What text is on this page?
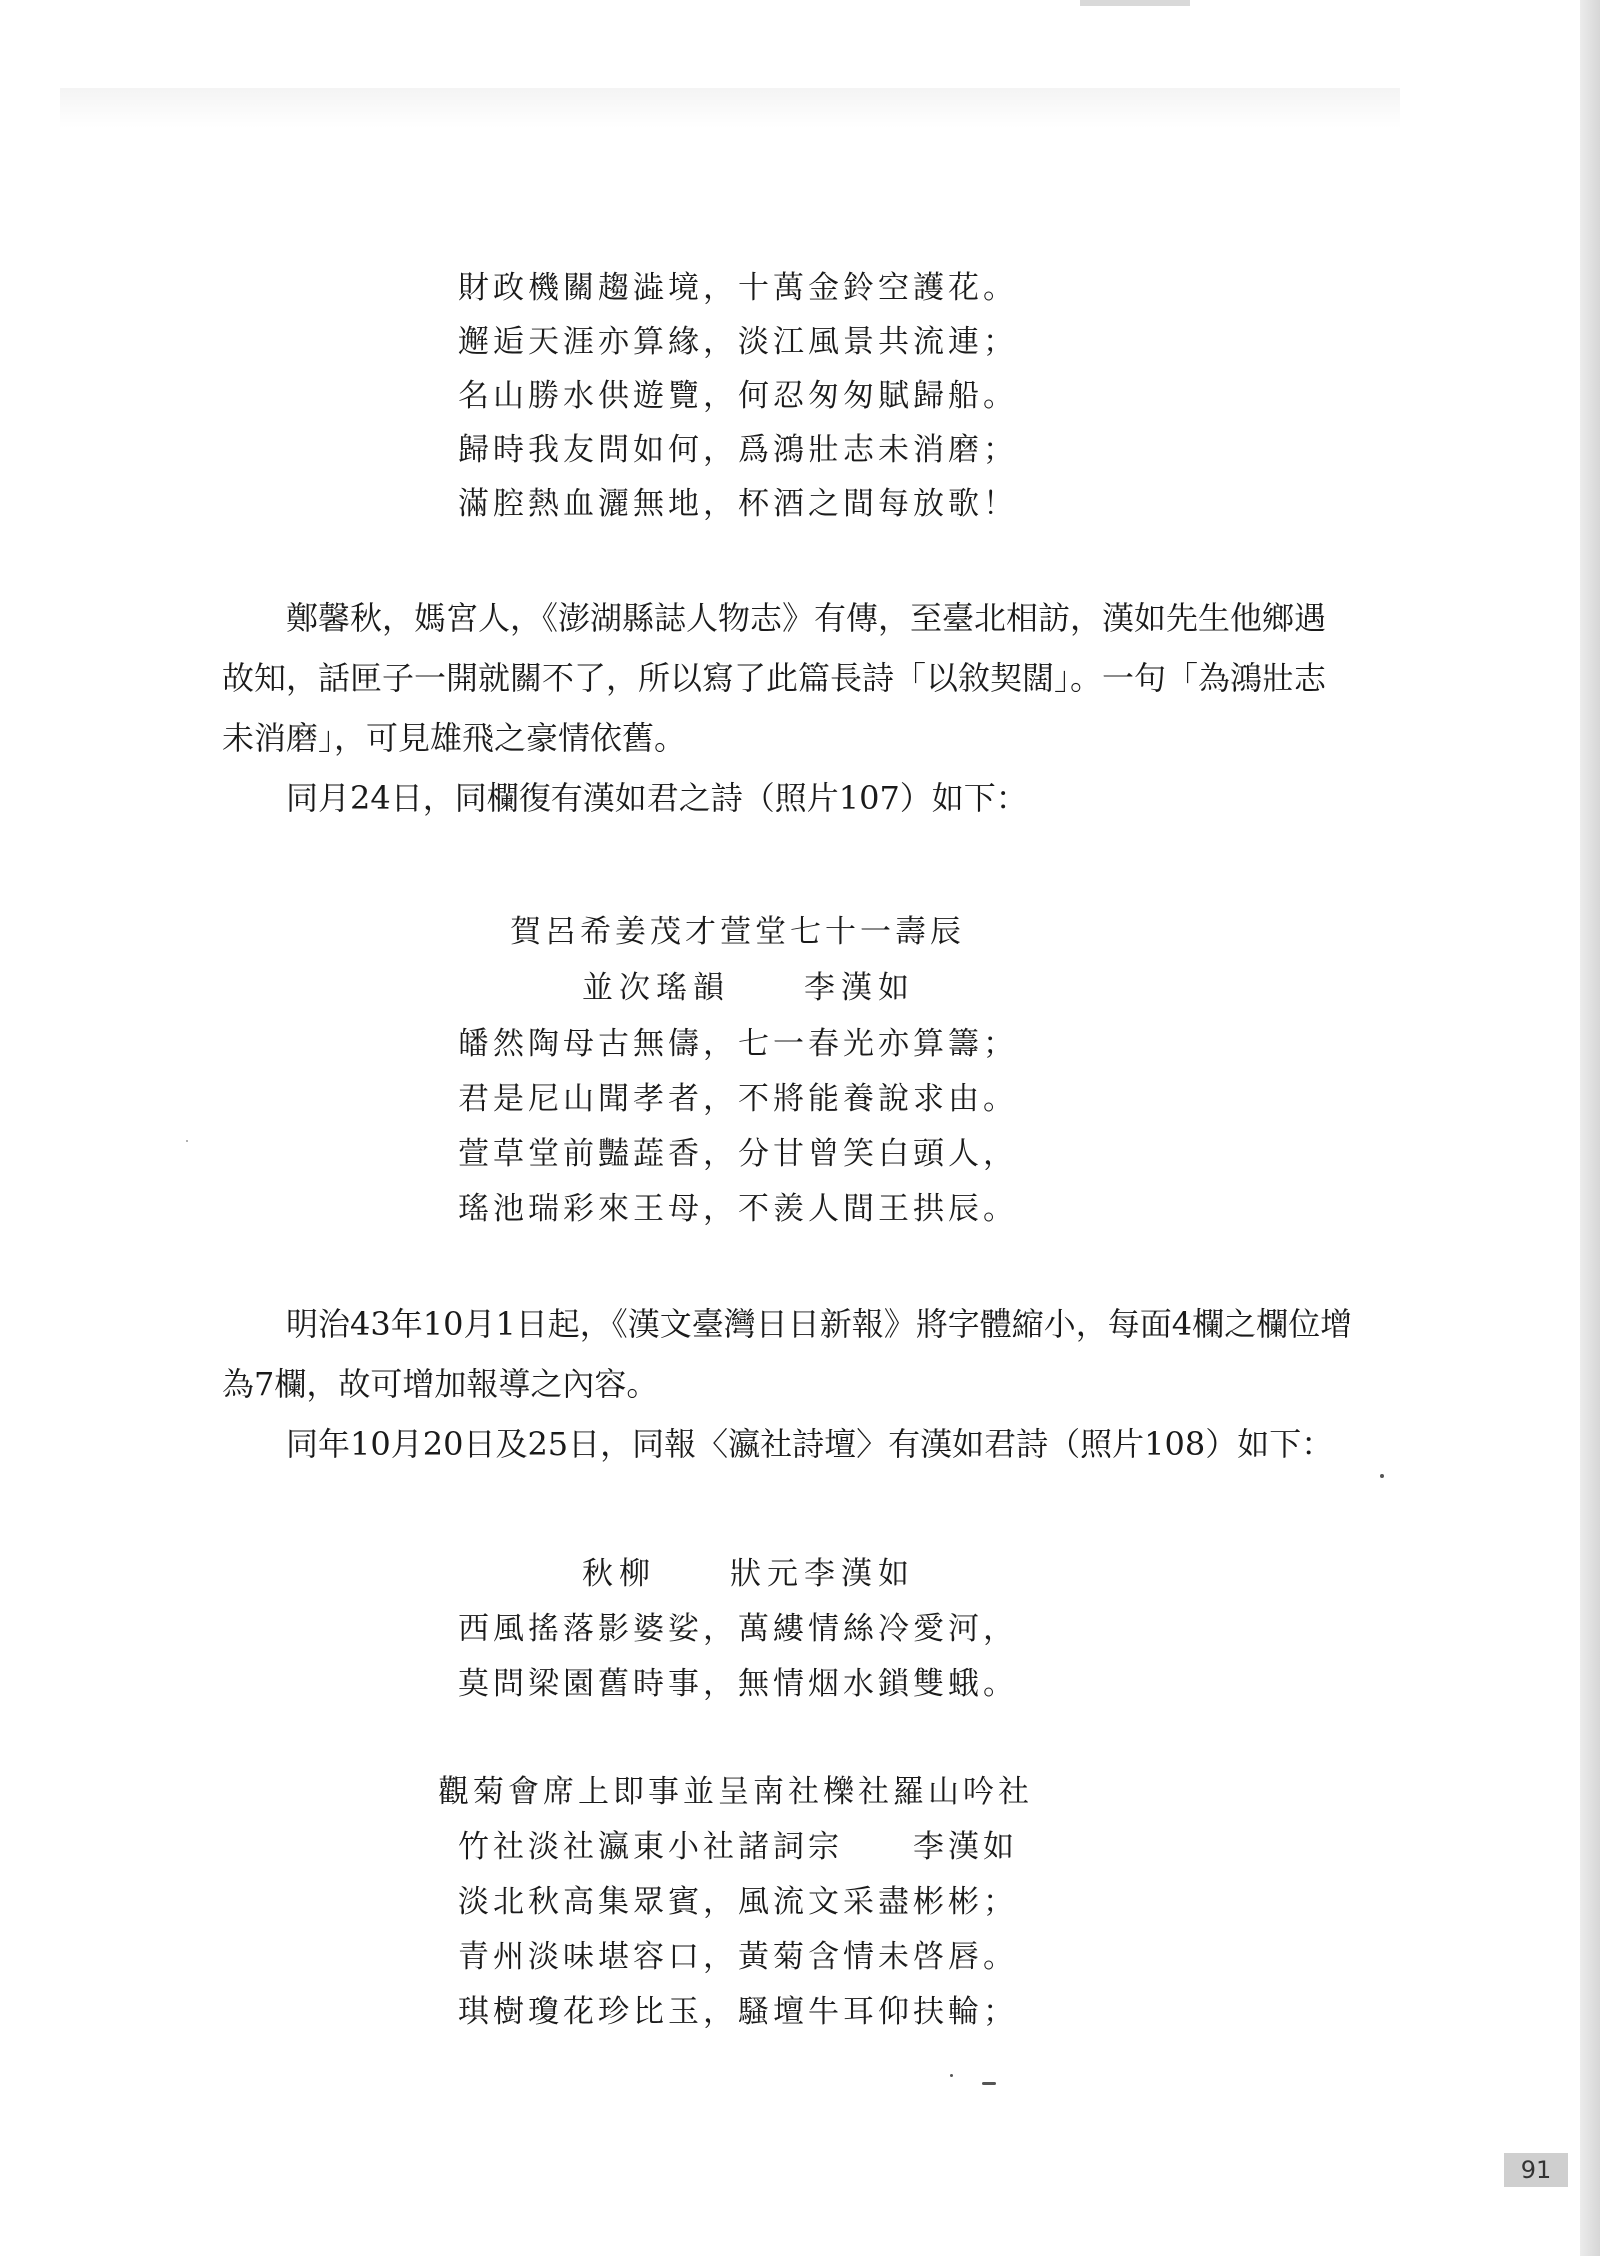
財政機關趨澁境，十萬金鈴空護花。
邂逅天涯亦算緣，淡江風景共流連；
名山勝水供遊覽，何忍匆匆賦歸船。
歸時我友問如何，爲鴻壯志未消磨；
滿腔熱血灑無地，杯酒之間每放歌！

鄭馨秋，媽宮人，《澎湖縣誌人物志》有傳，至臺北相訪，漢如先生他鄉遇故知，話匣子一開就關不了，所以寫了此篇長詩「以敘契闊」。一句「為鴻壯志未消磨」，可見雄飛之豪情依舊。

同月24日，同欄復有漢如君之詩（照片107）如下：

賀呂希姜茂才萱堂七十一壽辰
並次瑤韻　　李漢如
皤然陶母古無儔，七一春光亦算籌；
君是尼山聞孝者，不將能養說求由。
萱草堂前豔蕋香，分甘曾笑白頭人，
瑤池瑞彩來王母，不羨人間王拱辰。

明治43年10月1日起，《漢文臺灣日日新報》將字體縮小，每面4欄之欄位增為7欄，故可增加報導之內容。

同年10月20日及25日，同報〈瀛社詩壇〉有漢如君詩（照片108）如下：

秋柳　　狀元李漢如
西風搖落影婆娑，萬縷情絲冷愛河，
莫問梁園舊時事，無情烟水鎖雙蛾。
觀菊會席上即事並呈南社櫟社羅山吟社
竹社淡社瀛東小社諸詞宗　　李漢如
淡北秋高集眾賓，風流文采盡彬彬；
青州淡味堪容口，黃菊含情未啓唇。
琪樹瓊花珍比玉，騷壇牛耳仰扶輪；
91
